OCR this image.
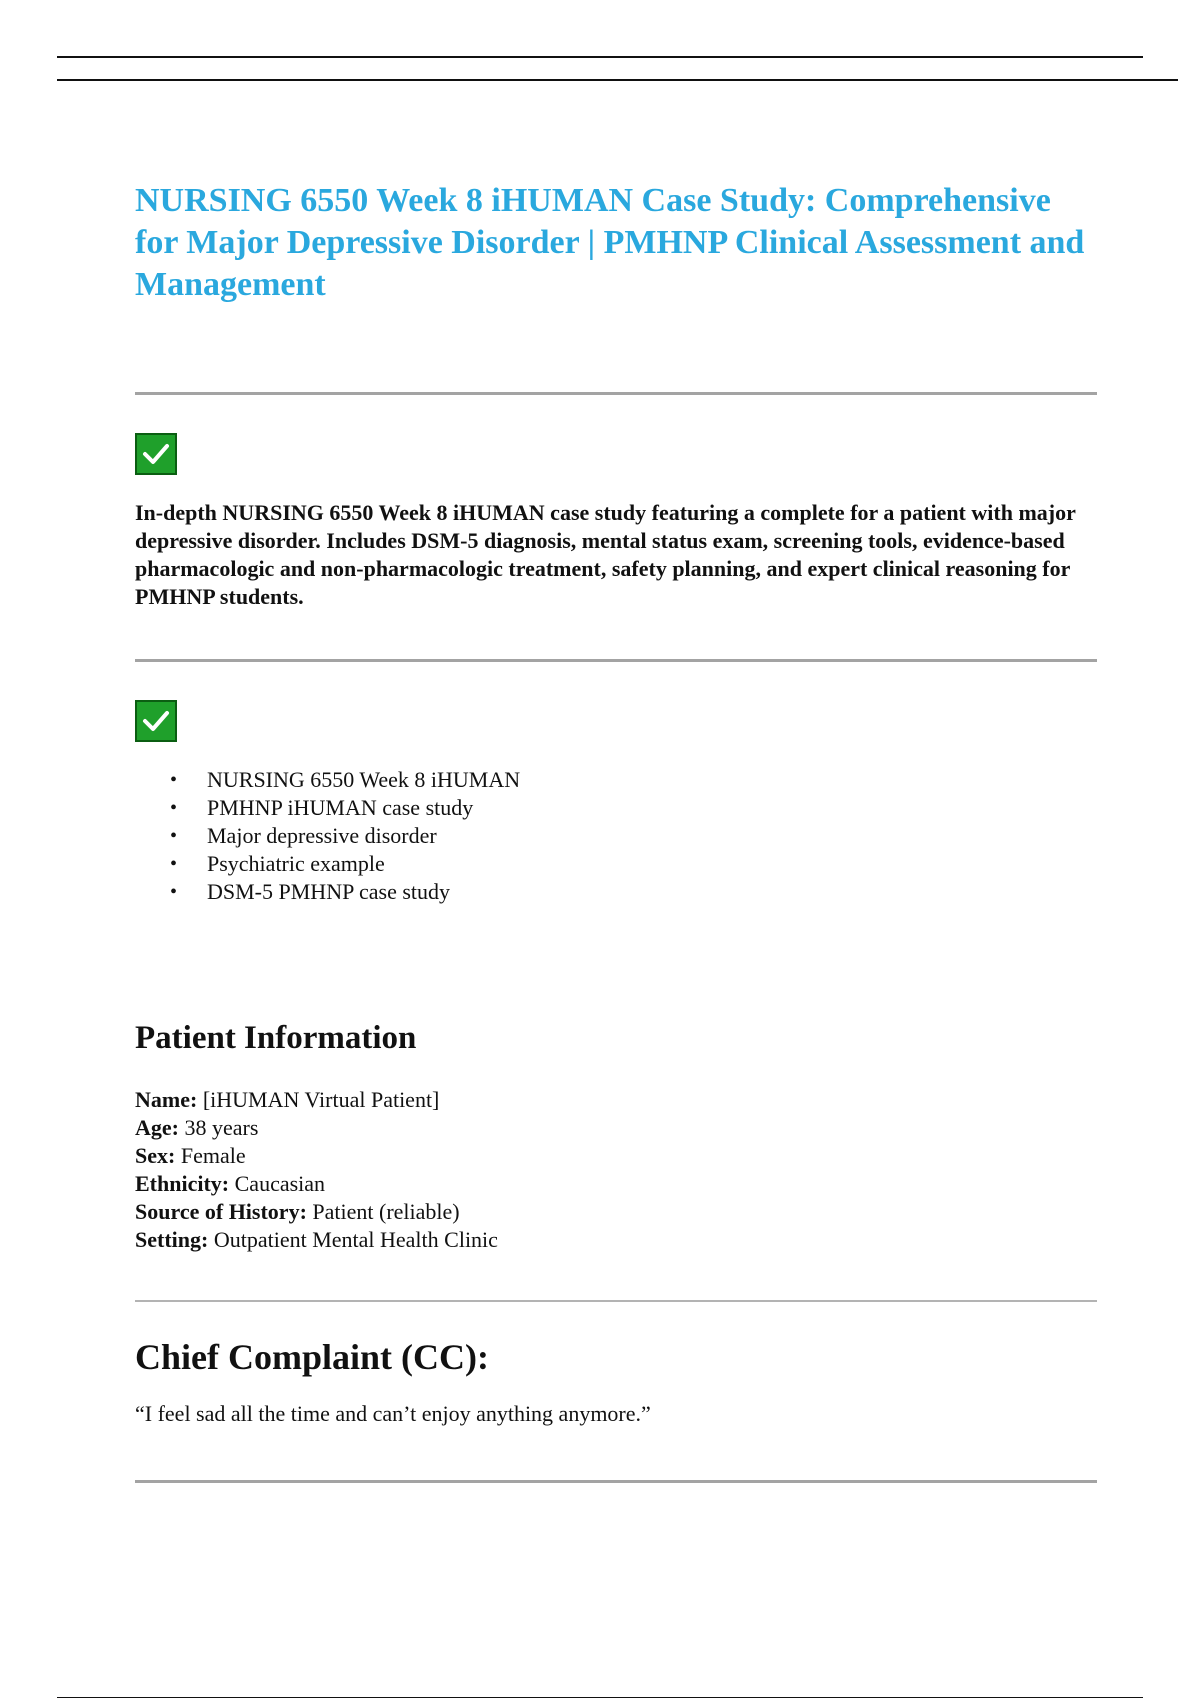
NURSING 6550 Week 8 iHUMAN Case Study: Comprehensive for Major Depressive Disorder | PMHNP Clinical Assessment and Management

In-depth NURSING 6550 Week 8 iHUMAN case study featuring a complete for a patient with major depressive disorder. Includes DSM-5 diagnosis, mental status exam, screening tools, evidence-based pharmacologic and non-pharmacologic treatment, safety planning, and expert clinical reasoning for PMHNP students.

• NURSING 6550 Week 8 iHUMAN
• PMHNP iHUMAN case study
• Major depressive disorder
• Psychiatric example
• DSM-5 PMHNP case study
Patient Information
Name: [iHUMAN Virtual Patient]
Age: 38 years
Sex: Female
Ethnicity: Caucasian
Source of History: Patient (reliable)
Setting: Outpatient Mental Health Clinic
Chief Complaint (CC):

“I feel sad all the time and can’t enjoy anything anymore.”
